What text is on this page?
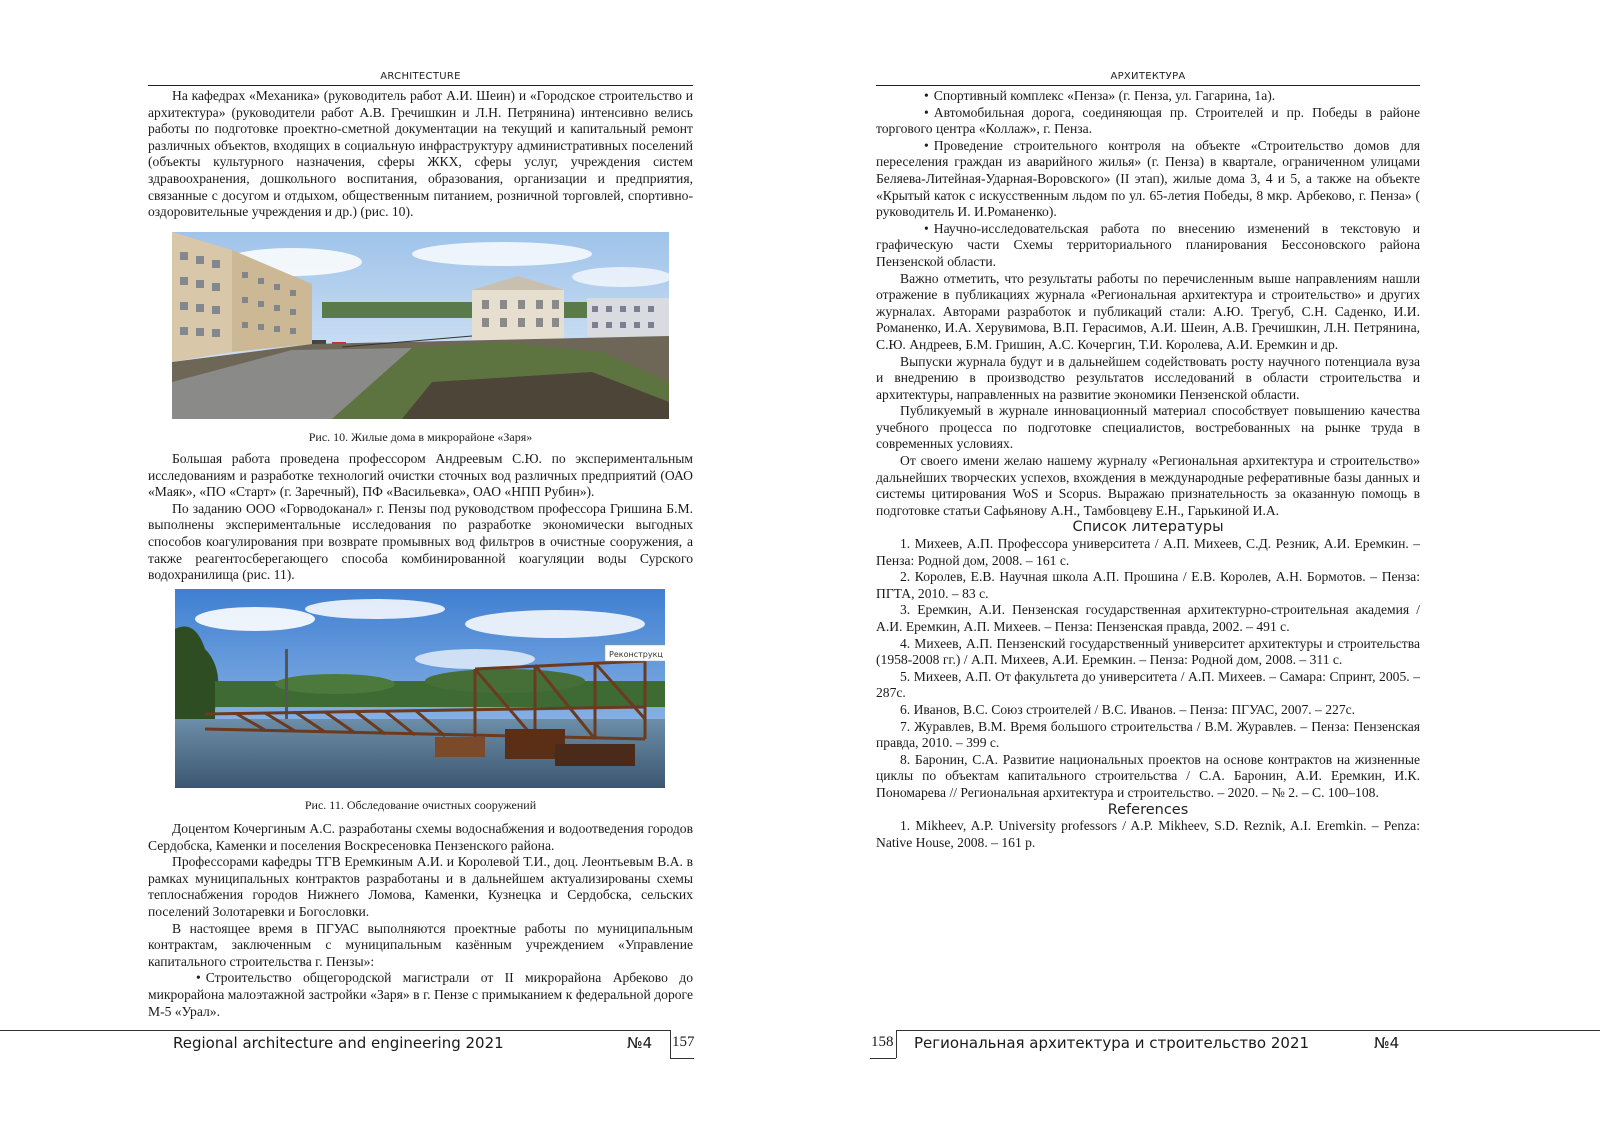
ARCHITECTURE

На кафедрах «Механика» (руководитель работ А.И. Шеин) и «Городское строительство и архитектура» (руководители работ А.В. Гречишкин и Л.Н. Петрянина) интенсивно велись работы по подготовке проектно-сметной документации на текущий и капитальный ремонт различных объектов, входящих в социальную инфраструктуру административных поселений (объекты культурного назначения, сферы ЖКХ, сферы услуг, учреждения систем здравоохранения, дошкольного воспитания, образования, организации и предприятия, связанные с досугом и отдыхом, общественным питанием, розничной торговлей, спортивно-оздоровительные учреждения и др.) (рис. 10).

Рис. 10. Жилые дома в микрорайоне «Заря»

Большая работа проведена профессором Андреевым С.Ю. по экспериментальным исследованиям и разработке технологий очистки сточных вод различных предприятий (ОАО «Маяк», «ПО «Старт» (г. Заречный), ПФ «Васильевка», ОАО «НПП Рубин»).

По заданию ООО «Горводоканал» г. Пензы под руководством профессора Гришина Б.М. выполнены экспериментальные исследования по разработке экономически выгодных способов коагулирования при возврате промывных вод фильтров в очистные сооружения, а также реагентосберегающего способа комбинированной коагуляции воды Сурского водохранилища (рис. 11).

Реконструкц
Рис. 11. Обследование очистных сооружений

Доцентом Кочергиным А.С. разработаны схемы водоснабжения и водоотведения городов Сердобска, Каменки и поселения Воскресеновка Пензенского района.

Профессорами кафедры ТГВ Еремкиным А.И. и Королевой Т.И., доц. Леонтьевым В.А. в рамках муниципальных контрактов разработаны и в дальнейшем актуализированы схемы теплоснабжения городов Нижнего Ломова, Каменки, Кузнецка и Сердобска, сельских поселений Золотаревки и Богословки.

В настоящее время в ПГУАС выполняются проектные работы по муниципальным контрактам, заключенным с муниципальным казённым учреждением «Управление капитального строительства г. Пензы»:

• Строительство общегородской магистрали от II микрорайона Арбеково до микрорайона малоэтажной застройки «Заря» в г. Пензе с примыканием к федеральной дороге М-5 «Урал».

Regional architecture and engineering 2021	№4 157
АРХИТЕКТУРА

• Спортивный комплекс «Пенза» (г. Пенза, ул. Гагарина, 1а).

• Автомобильная дорога, соединяющая пр. Строителей и пр. Победы в районе торгового центра «Коллаж», г. Пенза.

• Проведение строительного контроля на объекте «Строительство домов для переселения граждан из аварийного жилья» (г. Пенза) в квартале, ограниченном улицами Беляева-Литейная-Ударная-Воровского» (II этап), жилые дома 3, 4 и 5, а также на объекте «Крытый каток с искусственным льдом по ул. 65-летия Победы, 8 мкр. Арбеково, г. Пенза» ( руководитель И. И.Романенко).

• Научно-исследовательская работа по внесению изменений в текстовую и графическую части Схемы территориального планирования Бессоновского района Пензенской области.

Важно отметить, что результаты работы по перечисленным выше направлениям нашли отражение в публикациях журнала «Региональная архитектура и строительство» и других журналах. Авторами разработок и публикаций стали: А.Ю. Трегуб, С.Н. Саденко, И.И. Романенко, И.А. Херувимова, В.П. Герасимов, А.И. Шеин, А.В. Гречишкин, Л.Н. Петрянина, С.Ю. Андреев, Б.М. Гришин, А.С. Кочергин, Т.И. Королева, А.И. Еремкин и др.

Выпуски журнала будут и в дальнейшем содействовать росту научного потенциала вуза и внедрению в производство результатов исследований в области строительства и архитектуры, направленных на развитие экономики Пензенской области.

Публикуемый в журнале инновационный материал способствует повышению качества учебного процесса по подготовке специалистов, востребованных на рынке труда в современных условиях.

От своего имени желаю нашему журналу «Региональная архитектура и строительство» дальнейших творческих успехов, вхождения в международные реферативные базы данных и системы цитирования WoS и Scopus. Выражаю признательность за оказанную помощь в подготовке статьи Сафьянову А.Н., Тамбовцеву Е.Н., Гарькиной И.А.

Список литературы

1. Михеев, А.П. Профессора университета / А.П. Михеев, С.Д. Резник, А.И. Еремкин. – Пенза: Родной дом, 2008. – 161 с.

2. Королев, Е.В. Научная школа А.П. Прошина / Е.В. Королев, А.Н. Бормотов. – Пенза: ПГТА, 2010. – 83 с.

3. Еремкин, А.И. Пензенская государственная архитектурно-строительная академия / А.И. Еремкин, А.П. Михеев. – Пенза: Пензенская правда, 2002. – 491 с.

4. Михеев, А.П. Пензенский государственный университет архитектуры и строительства (1958-2008 гг.) / А.П. Михеев, А.И. Еремкин. – Пенза: Родной дом, 2008. – 311 с.

5. Михеев, А.П. От факультета до университета / А.П. Михеев. – Самара: Спринт, 2005. – 287с.

6. Иванов, В.С. Союз строителей / В.С. Иванов. – Пенза: ПГУАС, 2007. – 227с.

7. Журавлев, В.М. Время большого строительства / В.М. Журавлев. – Пенза: Пензенская правда, 2010. – 399 с.

8. Баронин, С.А. Развитие национальных проектов на основе контрактов на жизненные циклы по объектам капитального строительства / С.А. Баронин, А.И. Еремкин, И.К. Пономарева // Региональная архитектура и строительство. – 2020. – № 2. – С. 100–108.

References

1. Mikheev, A.P. University professors / A.P. Mikheev, S.D. Reznik, A.I. Eremkin. – Penza: Native House, 2008. – 161 p.

158 Региональная архитектура и строительство 2021	№4
